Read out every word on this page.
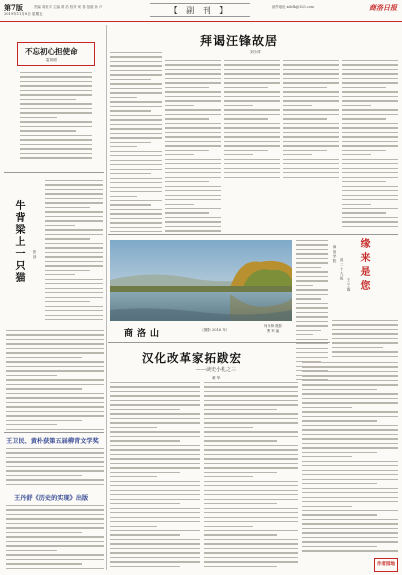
第7版
2019年11月8日 星期五
责编 周世平 主编 黄 浩 校对 何 春 组版 孙 卢	【 副 刊 】	邮件地址 xsbfk@163.com	商洛日报
不忘初心担使命
雷初明
牛背梁上一只猫	张剑
王卫民、黄朴获第五届柳青文学奖
王丹舒《历史的实现》出版
拜谒汪锋故居
刘少祥
商洛山	（摄影 2016 年）
何永锋 摄影
曹 军 编
商洛学院
高二十九班
王宁霞 缘来是您
汉化改革家拓跋宏
——读史小札之三
黄 华
作者园地
